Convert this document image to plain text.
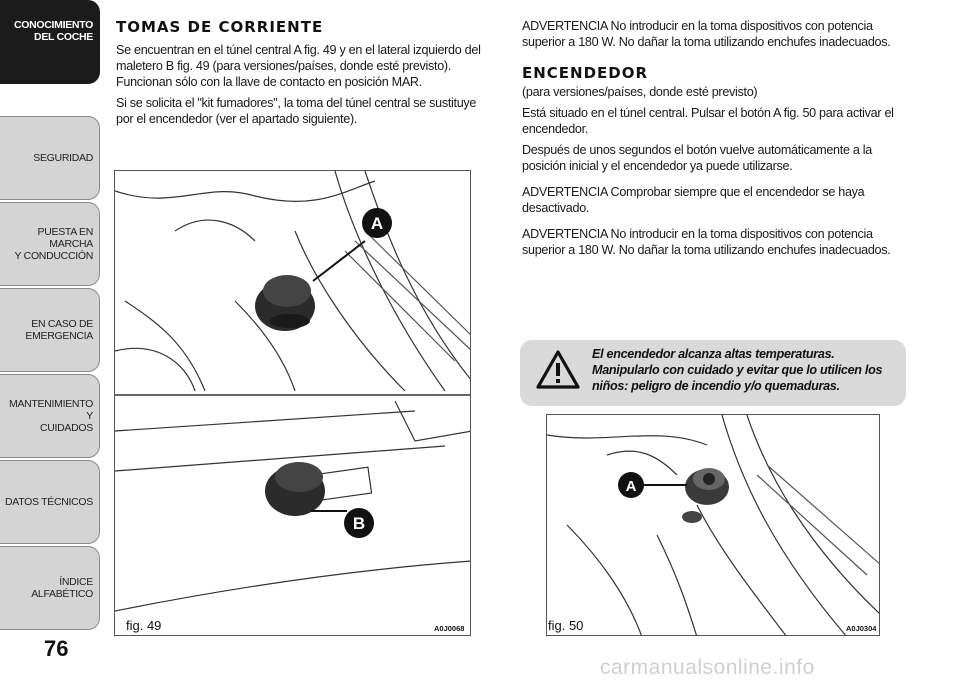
CONOCIMIENTO
DEL COCHE
SEGURIDAD
PUESTA EN MARCHA
Y CONDUCCIÓN
EN CASO DE
EMERGENCIA
MANTENIMIENTO Y
CUIDADOS
DATOS TÉCNICOS
ÍNDICE ALFABÉTICO
76
TOMAS DE CORRIENTE

Se encuentran en el túnel central A fig. 49 y en el lateral izquierdo del maletero B fig. 49 (para versiones/países, donde esté previsto). Funcionan sólo con la llave de contacto en posición MAR.

Si se solicita el "kit fumadores", la toma del túnel central se sustituye por el encendedor (ver el apartado siguiente).

ADVERTENCIA No introducir en la toma dispositivos con potencia superior a 180 W. No dañar la toma utilizando enchufes inadecuados.

ENCENDEDOR

(para versiones/países, donde esté previsto)

Está situado en el túnel central. Pulsar el botón A fig. 50 para activar el encendedor.

Después de unos segundos el botón vuelve automáticamente a la posición inicial y el encendedor ya puede utilizarse.

ADVERTENCIA Comprobar siempre que el encendedor se haya desactivado.

ADVERTENCIA No introducir en la toma dispositivos con potencia superior a 180 W. No dañar la toma utilizando enchufes inadecuados.

El encendedor alcanza altas temperaturas. Manipularlo con cuidado y evitar que lo utilicen los niños: peligro de incendio y/o quemaduras.
A
B
fig. 49	A0J0068
A
fig. 50	A0J0304
carmanualsonline.info
